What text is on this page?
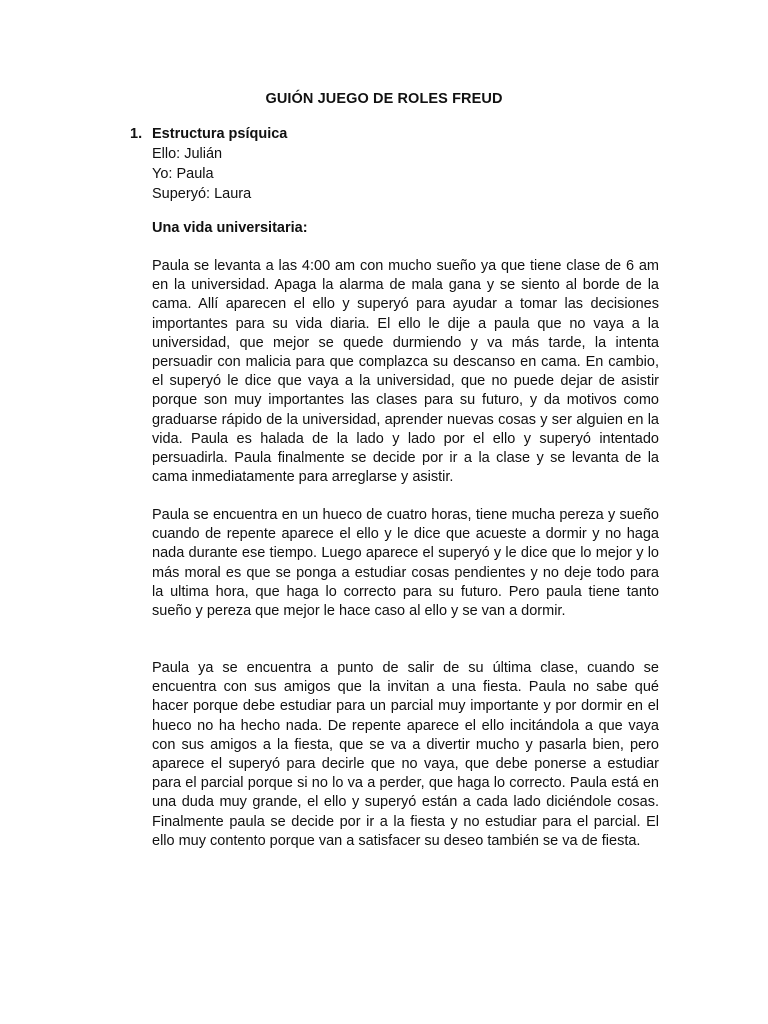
GUIÓN JUEGO DE ROLES FREUD
1. Estructura psíquica
Ello: Julián
Yo: Paula
Superyó: Laura
Una vida universitaria:

Paula se levanta a las 4:00 am con mucho sueño ya que tiene clase de 6 am en la universidad. Apaga la alarma de mala gana y se siento al borde de la cama. Allí aparecen el ello y superyó para ayudar a tomar las decisiones importantes para su vida diaria. El ello le dije a paula que no vaya a la universidad, que mejor se quede durmiendo y va más tarde, la intenta persuadir con malicia para que complazca su descanso en cama. En cambio, el superyó le dice que vaya a la universidad, que no puede dejar de asistir porque son muy importantes las clases para su futuro, y da motivos como graduarse rápido de la universidad, aprender nuevas cosas y ser alguien en la vida. Paula es halada de la lado y lado por el ello y superyó intentado persuadirla. Paula finalmente se decide por ir a la clase y se levanta de la cama inmediatamente para arreglarse y asistir.

Paula se encuentra en un hueco de cuatro horas, tiene mucha pereza y sueño cuando de repente aparece el ello y le dice que acueste a dormir y no haga nada durante ese tiempo. Luego aparece el superyó y le dice que lo mejor y lo más moral es que se ponga a estudiar cosas pendientes y no deje todo para la ultima hora, que haga lo correcto para su futuro. Pero paula tiene tanto sueño y pereza que mejor le hace caso al ello y se van a dormir.

Paula ya se encuentra a punto de salir de su última clase, cuando se encuentra con sus amigos que la invitan a una fiesta. Paula no sabe qué hacer porque debe estudiar para un parcial muy importante y por dormir en el hueco no ha hecho nada. De repente aparece el ello incitándola a que vaya con sus amigos a la fiesta, que se va a divertir mucho y pasarla bien, pero aparece el superyó para decirle que no vaya, que debe ponerse a estudiar para el parcial porque si no lo va a perder, que haga lo correcto. Paula está en una duda muy grande, el ello y superyó están a cada lado diciéndole cosas. Finalmente paula se decide por ir a la fiesta y no estudiar para el parcial. El ello muy contento porque van a satisfacer su deseo también se va de fiesta.
